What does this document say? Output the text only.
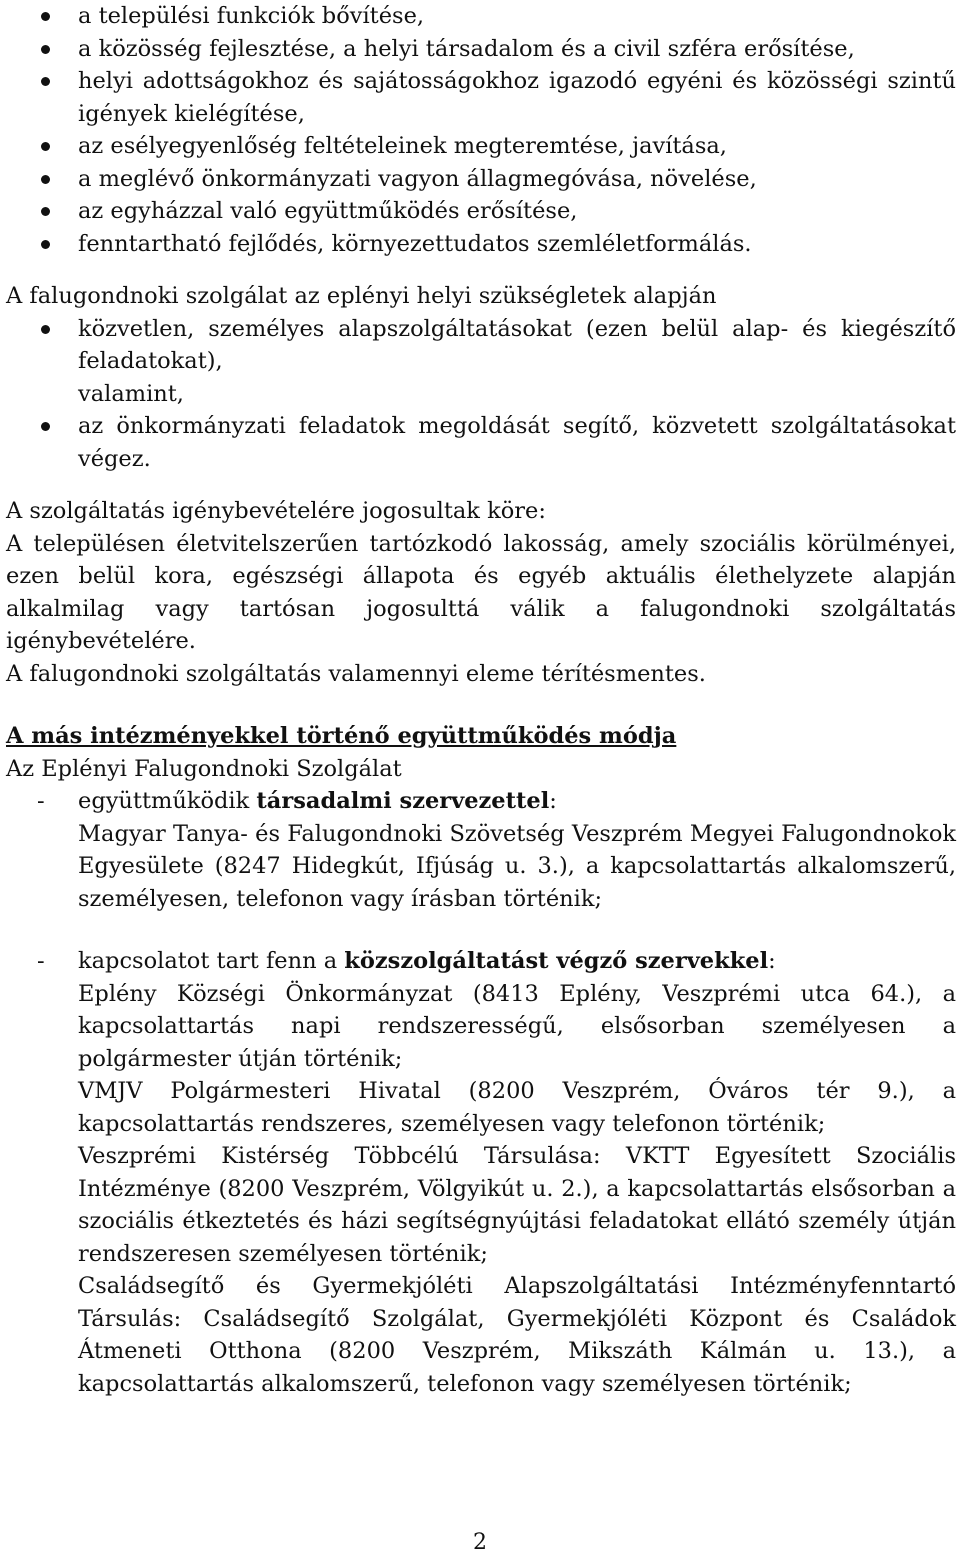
a települési funkciók bővítése,
a közösség fejlesztése, a helyi társadalom és a civil szféra erősítése,
helyi adottságokhoz és sajátosságokhoz igazodó egyéni és közösségi szintű igények kielégítése,
az esélyegyenlőség feltételeinek megteremtése, javítása,
a meglévő önkormányzati vagyon állagmegóvása, növelése,
az egyházzal való együttműködés erősítése,
fenntartható fejlődés, környezettudatos szemléletformálás.

A falugondnoki szolgálat az eplényi helyi szükségletek alapján

közvetlen, személyes alapszolgáltatásokat (ezen belül alap- és kiegészítő feladatokat),

valamint,

az önkormányzati feladatok megoldását segítő, közvetett szolgáltatásokat végez.

A szolgáltatás igénybevételére jogosultak köre:

A településen életvitelszerűen tartózkodó lakosság, amely szociális körülményei, ezen belül kora, egészségi állapota és egyéb aktuális élethelyzete alapján alkalmilag vagy tartósan jogosulttá válik a falugondnoki szolgáltatás igénybevételére.

A falugondnoki szolgáltatás valamennyi eleme térítésmentes.

A más intézményekkel történő együttműködés módja

Az Eplényi Falugondnoki Szolgálat

- együttműködik társadalmi szervezettel:

Magyar Tanya- és Falugondnoki Szövetség Veszprém Megyei Falugondnokok Egyesülete (8247 Hidegkút, Ifjúság u. 3.), a kapcsolattartás alkalomszerű, személyesen, telefonon vagy írásban történik;

- kapcsolatot tart fenn a közszolgáltatást végző szervekkel:

Eplény Községi Önkormányzat (8413 Eplény, Veszprémi utca 64.), a kapcsolattartás napi rendszerességű, elsősorban személyesen a polgármester útján történik;

VMJV Polgármesteri Hivatal (8200 Veszprém, Óváros tér 9.), a kapcsolattartás rendszeres, személyesen vagy telefonon történik;

Veszprémi Kistérség Többcélú Társulása: VKTT Egyesített Szociális Intézménye (8200 Veszprém, Völgyikút u. 2.), a kapcsolattartás elsősorban a szociális étkeztetés és házi segítségnyújtási feladatokat ellátó személy útján rendszeresen személyesen történik;

Családsegítő és Gyermekjóléti Alapszolgáltatási Intézményfenntartó Társulás: Családsegítő Szolgálat, Gyermekjóléti Központ és Családok Átmeneti Otthona (8200 Veszprém, Mikszáth Kálmán u. 13.), a kapcsolattartás alkalomszerű, telefonon vagy személyesen történik;

2
